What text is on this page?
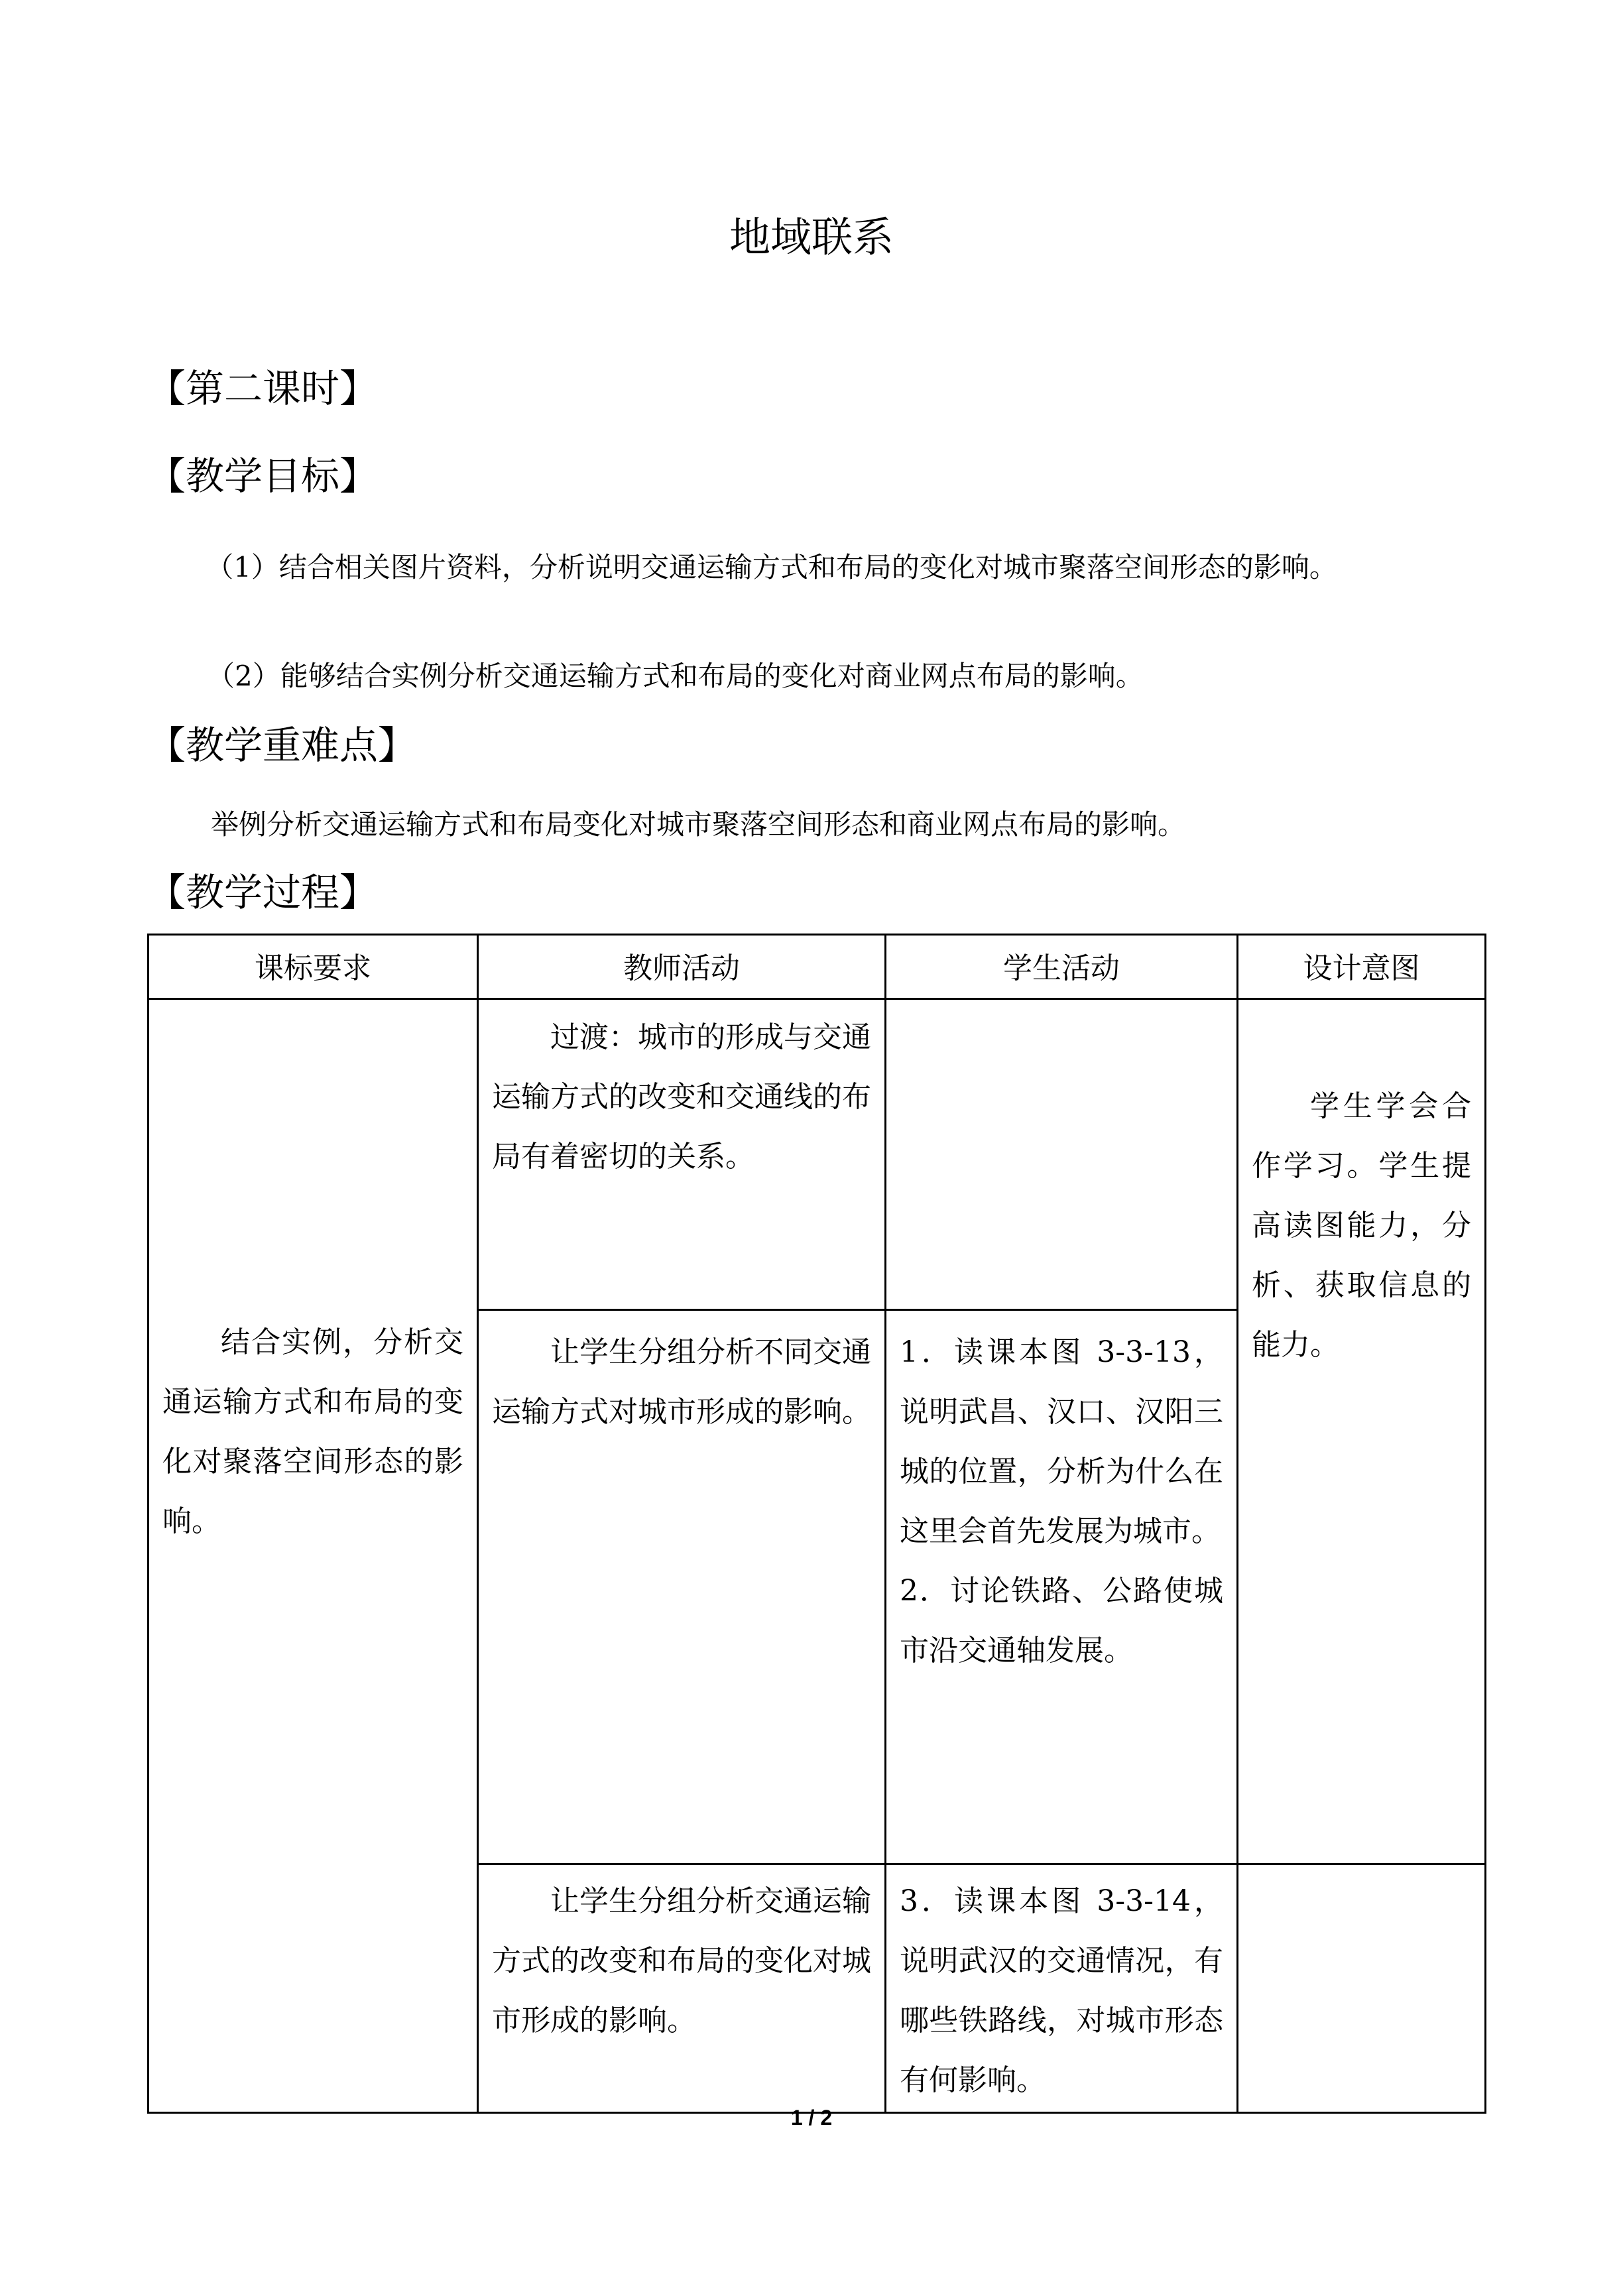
地域联系
【第二课时】
【教学目标】
（1）结合相关图片资料，分析说明交通运输方式和布局的变化对城市聚落空间形态的影响。
（2）能够结合实例分析交通运输方式和布局的变化对商业网点布局的影响。
【教学重难点】
举例分析交通运输方式和布局变化对城市聚落空间形态和商业网点布局的影响。
【教学过程】
课标要求	教师活动	学生活动	设计意图
结合实例，分析交通运输方式和布局的变化对聚落空间形态的影响。	过渡：城市的形成与交通运输方式的改变和交通线的布局有着密切的关系。		学生学会合作学习。学生提高读图能力，分析、获取信息的能力。
	让学生分组分析不同交通运输方式对城市形成的影响。	1．读课本图 3-3-13，说明武昌、汉口、汉阳三城的位置，分析为什么在这里会首先发展为城市。
2．讨论铁路、公路使城市沿交通轴发展。	

	让学生分组分析交通运输方式的改变和布局的变化对城市形成的影响。	3．读课本图 3-3-14，说明武汉的交通情况，有哪些铁路线，对城市形态有何影响。	
1 / 2
